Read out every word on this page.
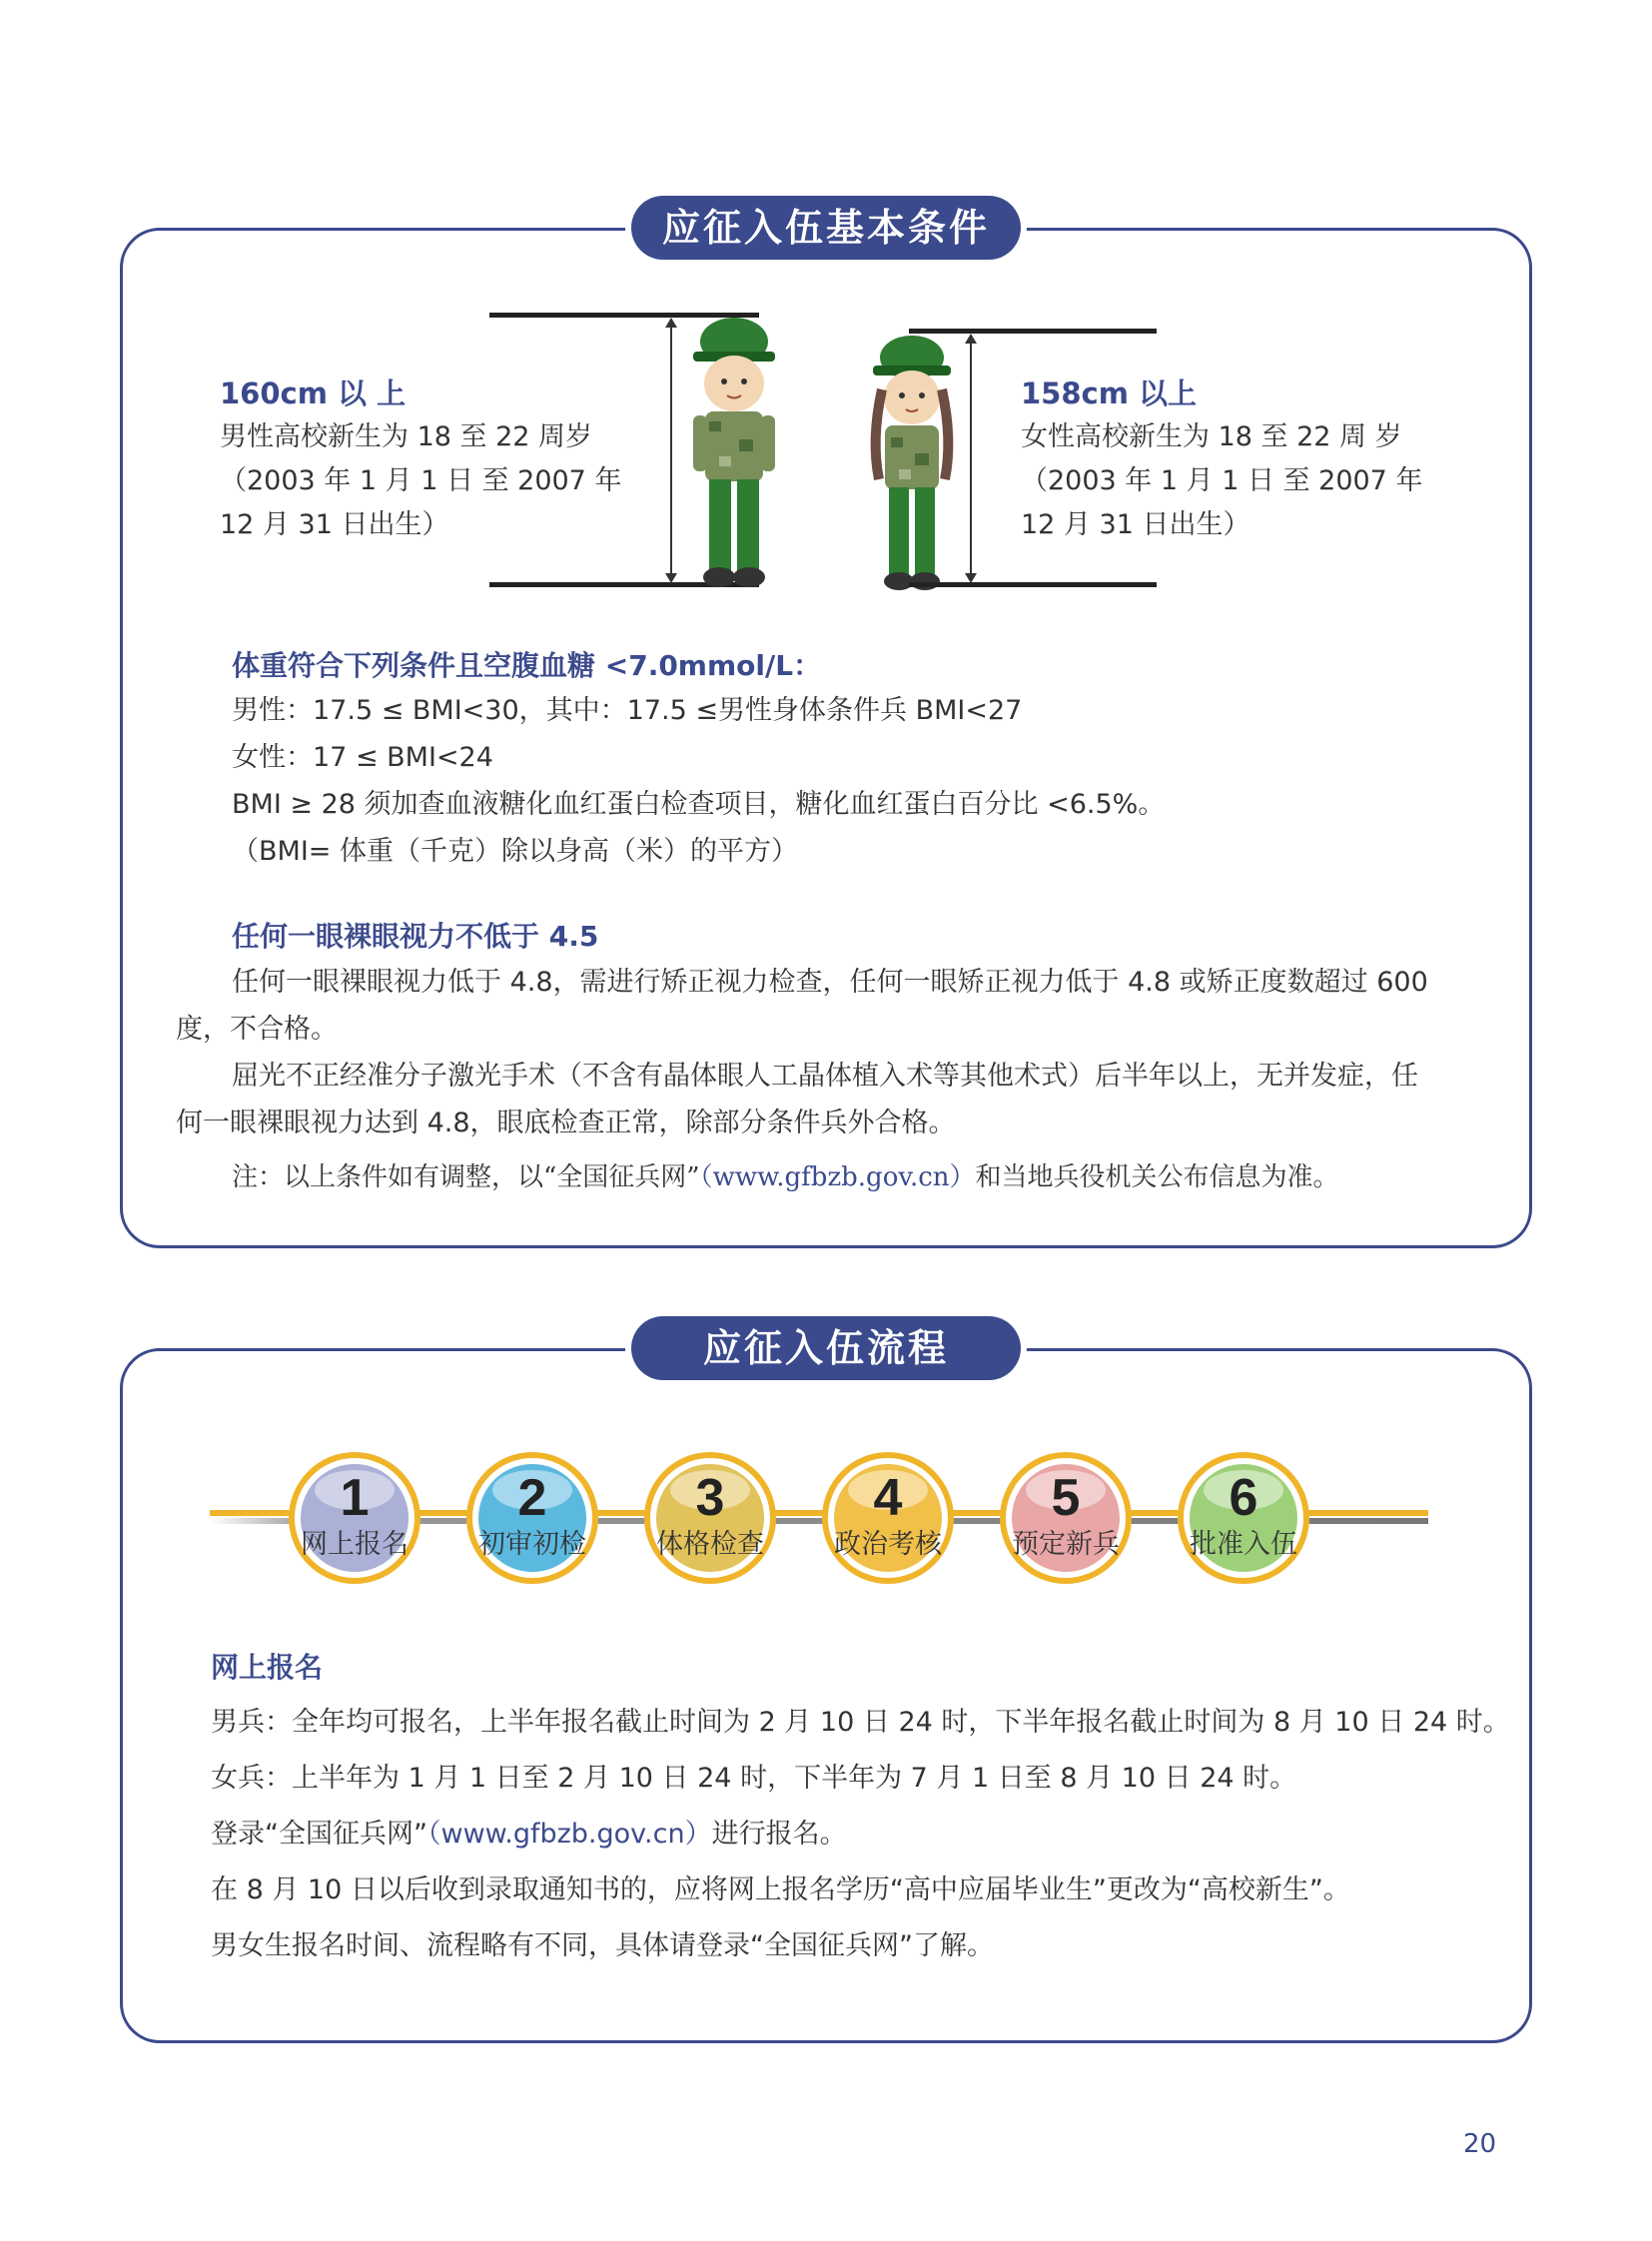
应征入伍基本条件
160cm 以 上
男性高校新生为 18 至 22 周岁
（2003 年 1 月 1 日 至 2007 年
12 月 31 日出生）
158cm 以上
女性高校新生为 18 至 22 周 岁
（2003 年 1 月 1 日 至 2007 年
12 月 31 日出生）
体重符合下列条件且空腹血糖 <7.0mmol/L：
男性：17.5 ≤ BMI<30，其中：17.5 ≤男性身体条件兵 BMI<27
女性：17 ≤ BMI<24
BMI ≥ 28 须加查血液糖化血红蛋白检查项目，糖化血红蛋白百分比 <6.5%。
（BMI= 体重（千克）除以身高（米）的平方）
任何一眼裸眼视力不低于 4.5
任何一眼裸眼视力低于 4.8，需进行矫正视力检查，任何一眼矫正视力低于 4.8 或矫正度数超过 600
度，不合格。
屈光不正经准分子激光手术（不含有晶体眼人工晶体植入术等其他术式）后半年以上，无并发症，任
何一眼裸眼视力达到 4.8，眼底检查正常，除部分条件兵外合格。
注：以上条件如有调整，以“全国征兵网”（www.gfbzb.gov.cn）和当地兵役机关公布信息为准。
应征入伍流程
1
网上报名
2
初审初检
3
体格检查
4
政治考核
5
预定新兵
6
批准入伍
网上报名
男兵：全年均可报名，上半年报名截止时间为 2 月 10 日 24 时，下半年报名截止时间为 8 月 10 日 24 时。
女兵：上半年为 1 月 1 日至 2 月 10 日 24 时，下半年为 7 月 1 日至 8 月 10 日 24 时。
登录“全国征兵网”（www.gfbzb.gov.cn）进行报名。
在 8 月 10 日以后收到录取通知书的，应将网上报名学历“高中应届毕业生”更改为“高校新生”。
男女生报名时间、流程略有不同，具体请登录“全国征兵网”了解。
20
